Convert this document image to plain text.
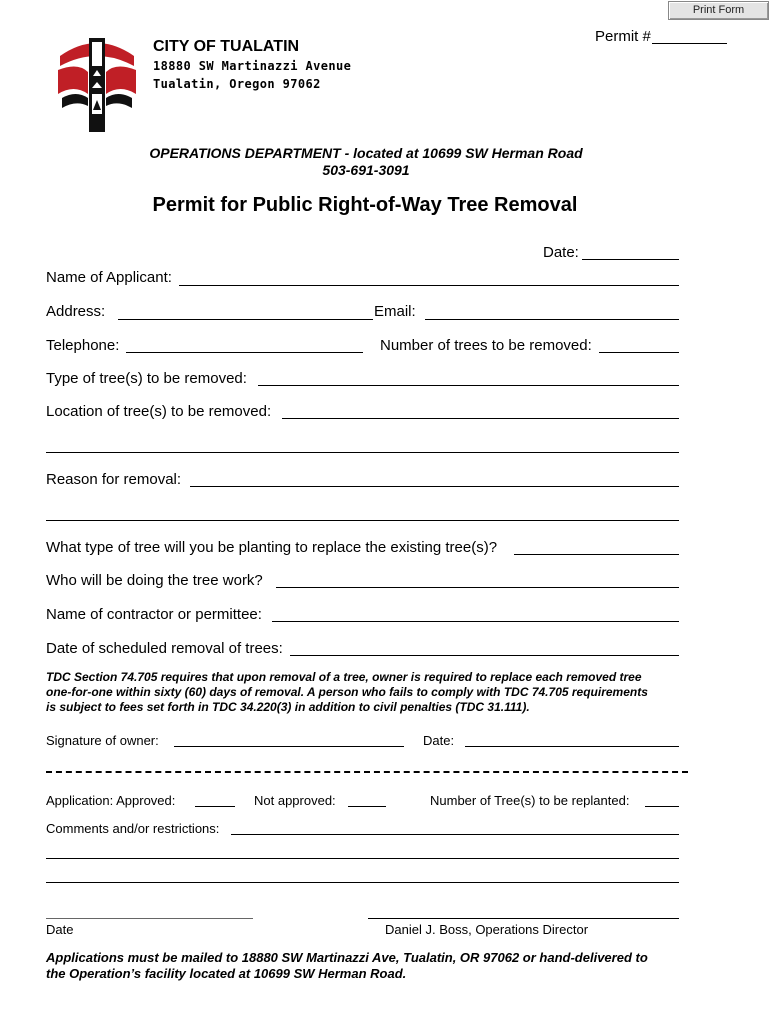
Print Form
Permit #
CITY OF TUALATIN
18880 SW Martinazzi Avenue
Tualatin, Oregon 97062
OPERATIONS DEPARTMENT - located at 10699 SW Herman Road
503-691-3091
Permit for Public Right-of-Way Tree Removal
Date:
Name of Applicant:
Address:	Email:
Telephone:	Number of trees to be removed:
Type of tree(s) to be removed:
Location of tree(s) to be removed:
Reason for removal:
What type of tree will you be planting to replace the existing tree(s)?
Who will be doing the tree work?
Name of contractor or permittee:
Date of scheduled removal of trees:
TDC Section 74.705 requires that upon removal of a tree, owner is required to replace each removed tree
one-for-one within sixty (60) days of removal. A person who fails to comply with TDC 74.705 requirements
is subject to fees set forth in TDC 34.220(3) in addition to civil penalties (TDC 31.111).
Signature of owner:	Date:
Application: Approved:	Not approved:	Number of Tree(s) to be replanted:
Comments and/or restrictions:
Date	Daniel J. Boss, Operations Director
Applications must be mailed to 18880 SW Martinazzi Ave, Tualatin, OR 97062 or hand-delivered to
the Operation’s facility located at 10699 SW Herman Road.
